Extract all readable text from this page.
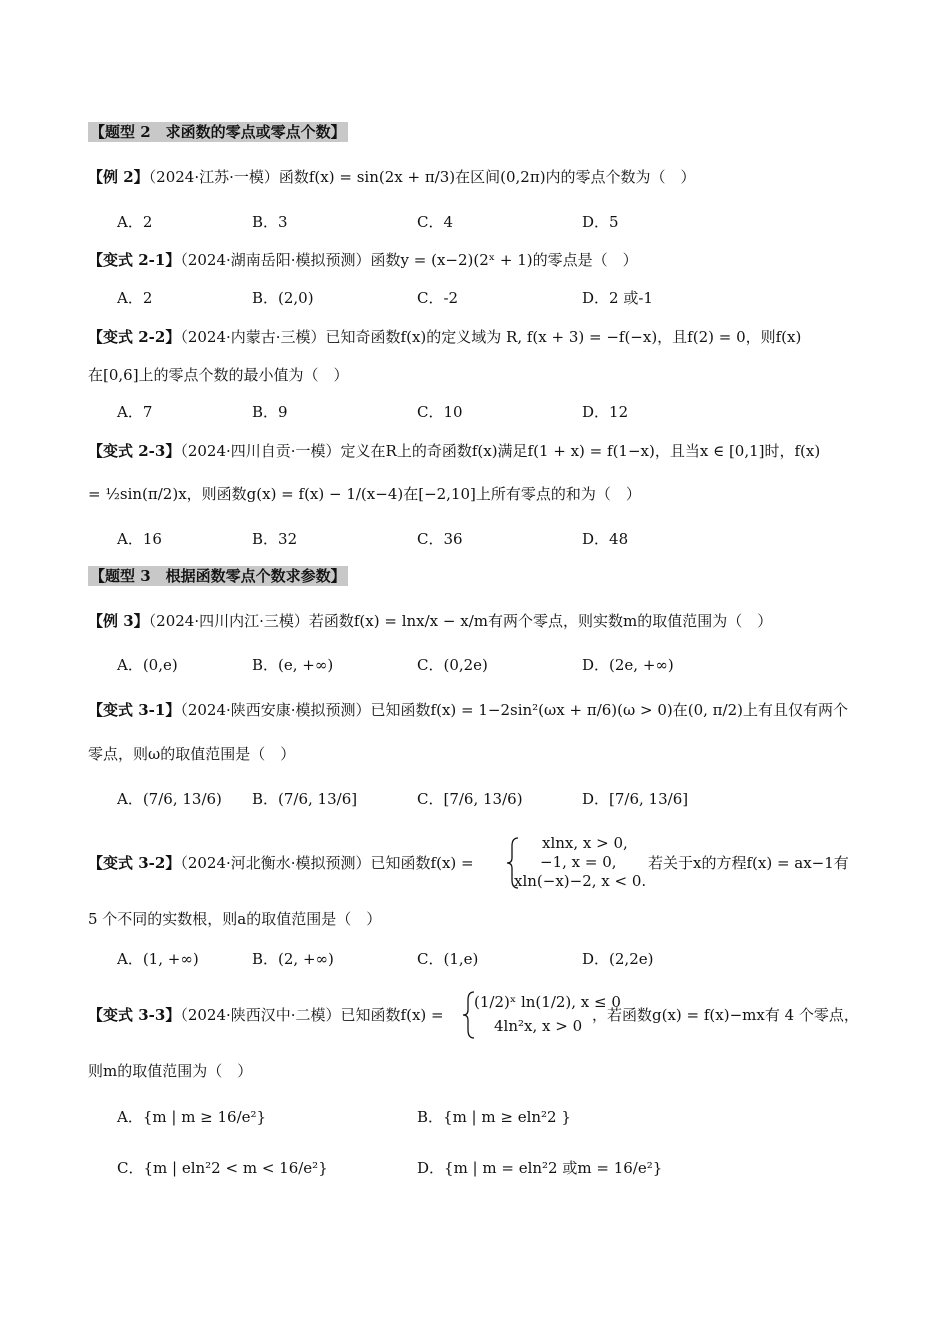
【题型 2　求函数的零点或零点个数】
【例 2】（2024·江苏·一模）函数f(x) = sin(2x + π/3)在区间(0,2π)内的零点个数为（　）
A．2	B．3	C．4	D．5
【变式 2-1】（2024·湖南岳阳·模拟预测）函数y = (x−2)(2ˣ + 1)的零点是（　）
A．2	B．(2,0)	C．-2	D．2 或-1
【变式 2-2】（2024·内蒙古·三模）已知奇函数f(x)的定义域为 R, f(x + 3) = −f(−x)，且f(2) = 0，则f(x)
在[0,6]上的零点个数的最小值为（　）
A．7	B．9	C．10	D．12
【变式 2-3】（2024·四川自贡·一模）定义在R上的奇函数f(x)满足f(1 + x) = f(1−x)，且当x ∈ [0,1]时，f(x)
= ½sin(π/2)x，则函数g(x) = f(x) − 1/(x−4)在[−2,10]上所有零点的和为（　）
A．16	B．32	C．36	D．48
【题型 3　根据函数零点个数求参数】
【例 3】（2024·四川内江·三模）若函数f(x) = lnx/x − x/m有两个零点，则实数m的取值范围为（　）
A．(0,e)	B．(e, +∞)	C．(0,2e)	D．(2e, +∞)
【变式 3-1】（2024·陕西安康·模拟预测）已知函数f(x) = 1−2sin²(ωx + π/6)(ω > 0)在(0, π/2)上有且仅有两个
零点，则ω的取值范围是（　）
A．(7/6, 13/6) B．(7/6, 13/6]	C．[7/6, 13/6)	D．[7/6, 13/6]
【变式 3-2】（2024·河北衡水·模拟预测）已知函数f(x) =
xlnx, x > 0,
−1, x = 0,
xln(−x)−2, x < 0.
若关于x的方程f(x) = ax−1有
5 个不同的实数根，则a的取值范围是（　）
A．(1, +∞)	B．(2, +∞)	C．(1,e)	D．(2,2e)
【变式 3-3】（2024·陕西汉中·二模）已知函数f(x) =
(1/2)ˣ ln(1/2), x ≤ 0
4ln²x, x > 0
，若函数g(x) = f(x)−mx有 4 个零点，
则m的取值范围为（　）
A．{m | m ≥ 16/e²}	B．{m | m ≥ eln²2 }
C．{m | eln²2 < m < 16/e²}	D．{m | m = eln²2 或m = 16/e²}
